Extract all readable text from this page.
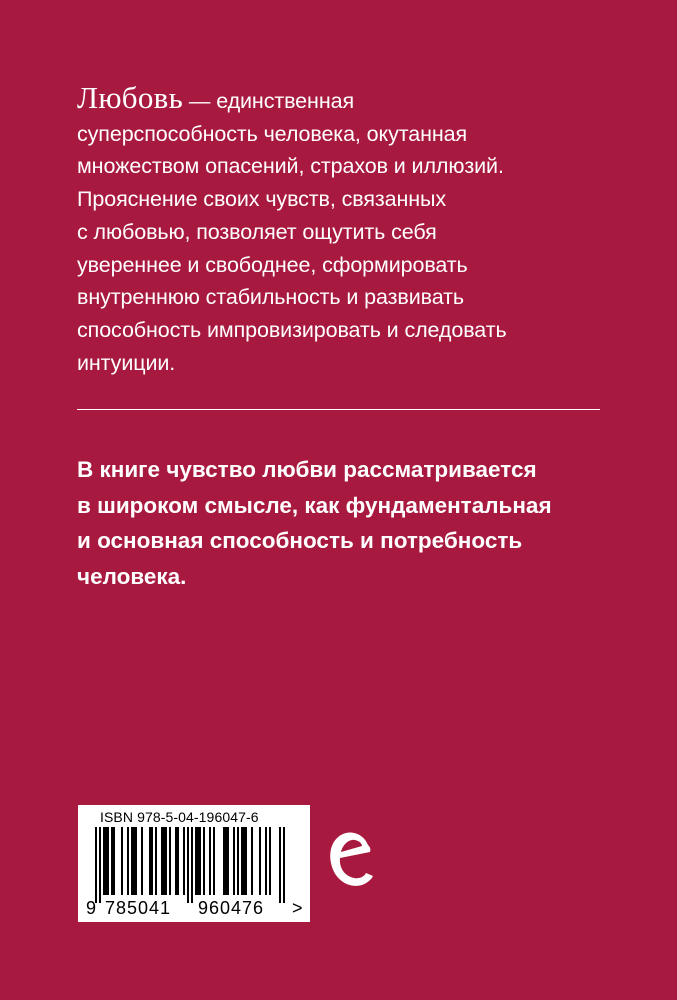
Любовь — единственная
суперспособность человека, окутанная
множеством опасений, страхов и иллюзий.
Прояснение своих чувств, связанных
с любовью, позволяет ощутить себя
увереннее и свободнее, сформировать
внутреннюю стабильность и развивать
способность импровизировать и следовать
интуиции.
В книге чувство любви рассматривается
в широком смысле, как фундаментальная
и основная способность и потребность
человека.
ISBN 978-5-04-196047-6
9 785041 960476 >
